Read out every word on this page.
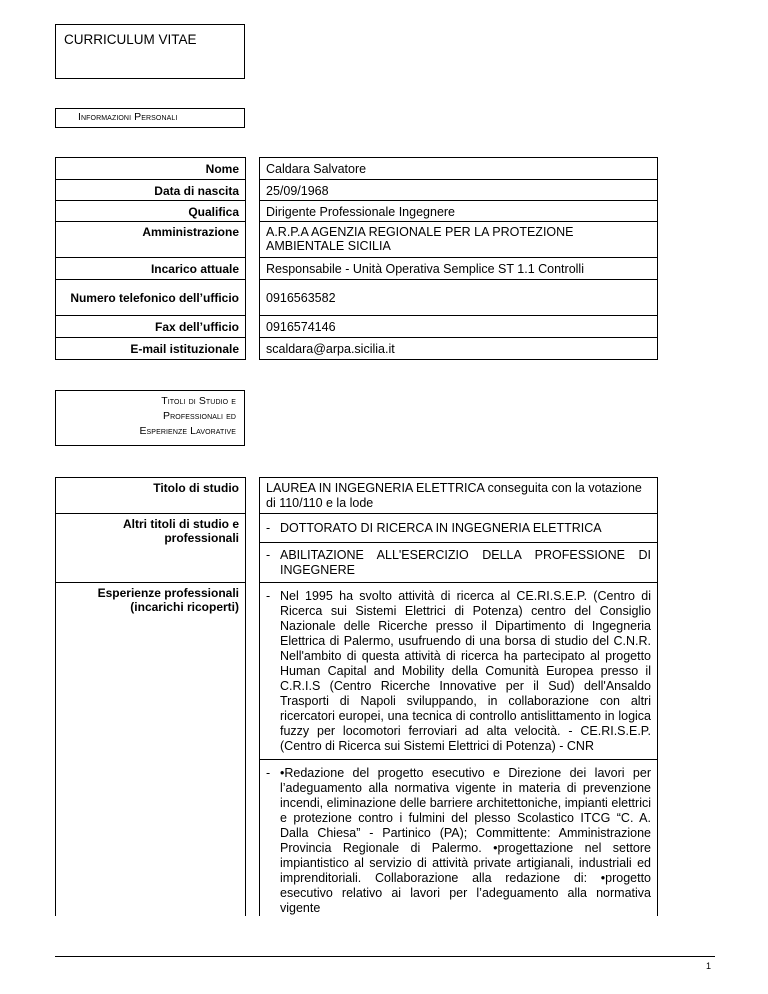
CURRICULUM VITAE
Informazioni Personali
Nome		Caldara Salvatore
Data di nascita		25/09/1968
Qualifica		Dirigente Professionale Ingegnere
Amministrazione		A.R.P.A AGENZIA REGIONALE PER LA PROTEZIONE AMBIENTALE SICILIA
Incarico attuale		Responsabile - Unità Operativa Semplice ST 1.1 Controlli
Numero telefonico dell’ufficio		0916563582
Fax dell’ufficio		0916574146
E-mail istituzionale		scaldara@arpa.sicilia.it
Titoli di Studio e
Professionali ed
Esperienze Lavorative
Titolo di studio		LAUREA IN INGEGNERIA ELETTRICA conseguita con la votazione di 110/110 e la lode
Altri titoli di studio e professionali		- DOTTORATO DI RICERCA IN INGEGNERIA ELETTRICA
- ABILITAZIONE ALL'ESERCIZIO DELLA PROFESSIONE DI INGEGNERE

Esperienze professionali (incarichi ricoperti)		- Nel 1995 ha svolto attività di ricerca al CE.RI.S.E.P. (Centro di Ricerca sui Sistemi Elettrici di Potenza) centro del Consiglio Nazionale delle Ricerche presso il Dipartimento di Ingegneria Elettrica di Palermo, usufruendo di una borsa di studio del C.N.R. Nell'ambito di questa attività di ricerca ha partecipato al progetto Human Capital and Mobility della Comunità Europea presso il C.R.I.S (Centro Ricerche Innovative per il Sud) dell'Ansaldo Trasporti di Napoli sviluppando, in collaborazione con altri ricercatori europei, una tecnica di controllo antislittamento in logica fuzzy per locomotori ferroviari ad alta velocità. - CE.RI.S.E.P. (Centro di Ricerca sui Sistemi Elettrici di Potenza) - CNR
- •Redazione del progetto esecutivo e Direzione dei lavori per l’adeguamento alla normativa vigente in materia di prevenzione incendi, eliminazione delle barriere architettoniche, impianti elettrici e protezione contro i fulmini del plesso Scolastico ITCG “C. A. Dalla Chiesa” - Partinico (PA); Committente: Amministrazione Provincia Regionale di Palermo. •progettazione nel settore impiantistico al servizio di attività private artigianali, industriali ed imprenditoriali. Collaborazione alla redazione di: •progetto esecutivo relativo ai lavori per l’adeguamento alla normativa vigente
1
